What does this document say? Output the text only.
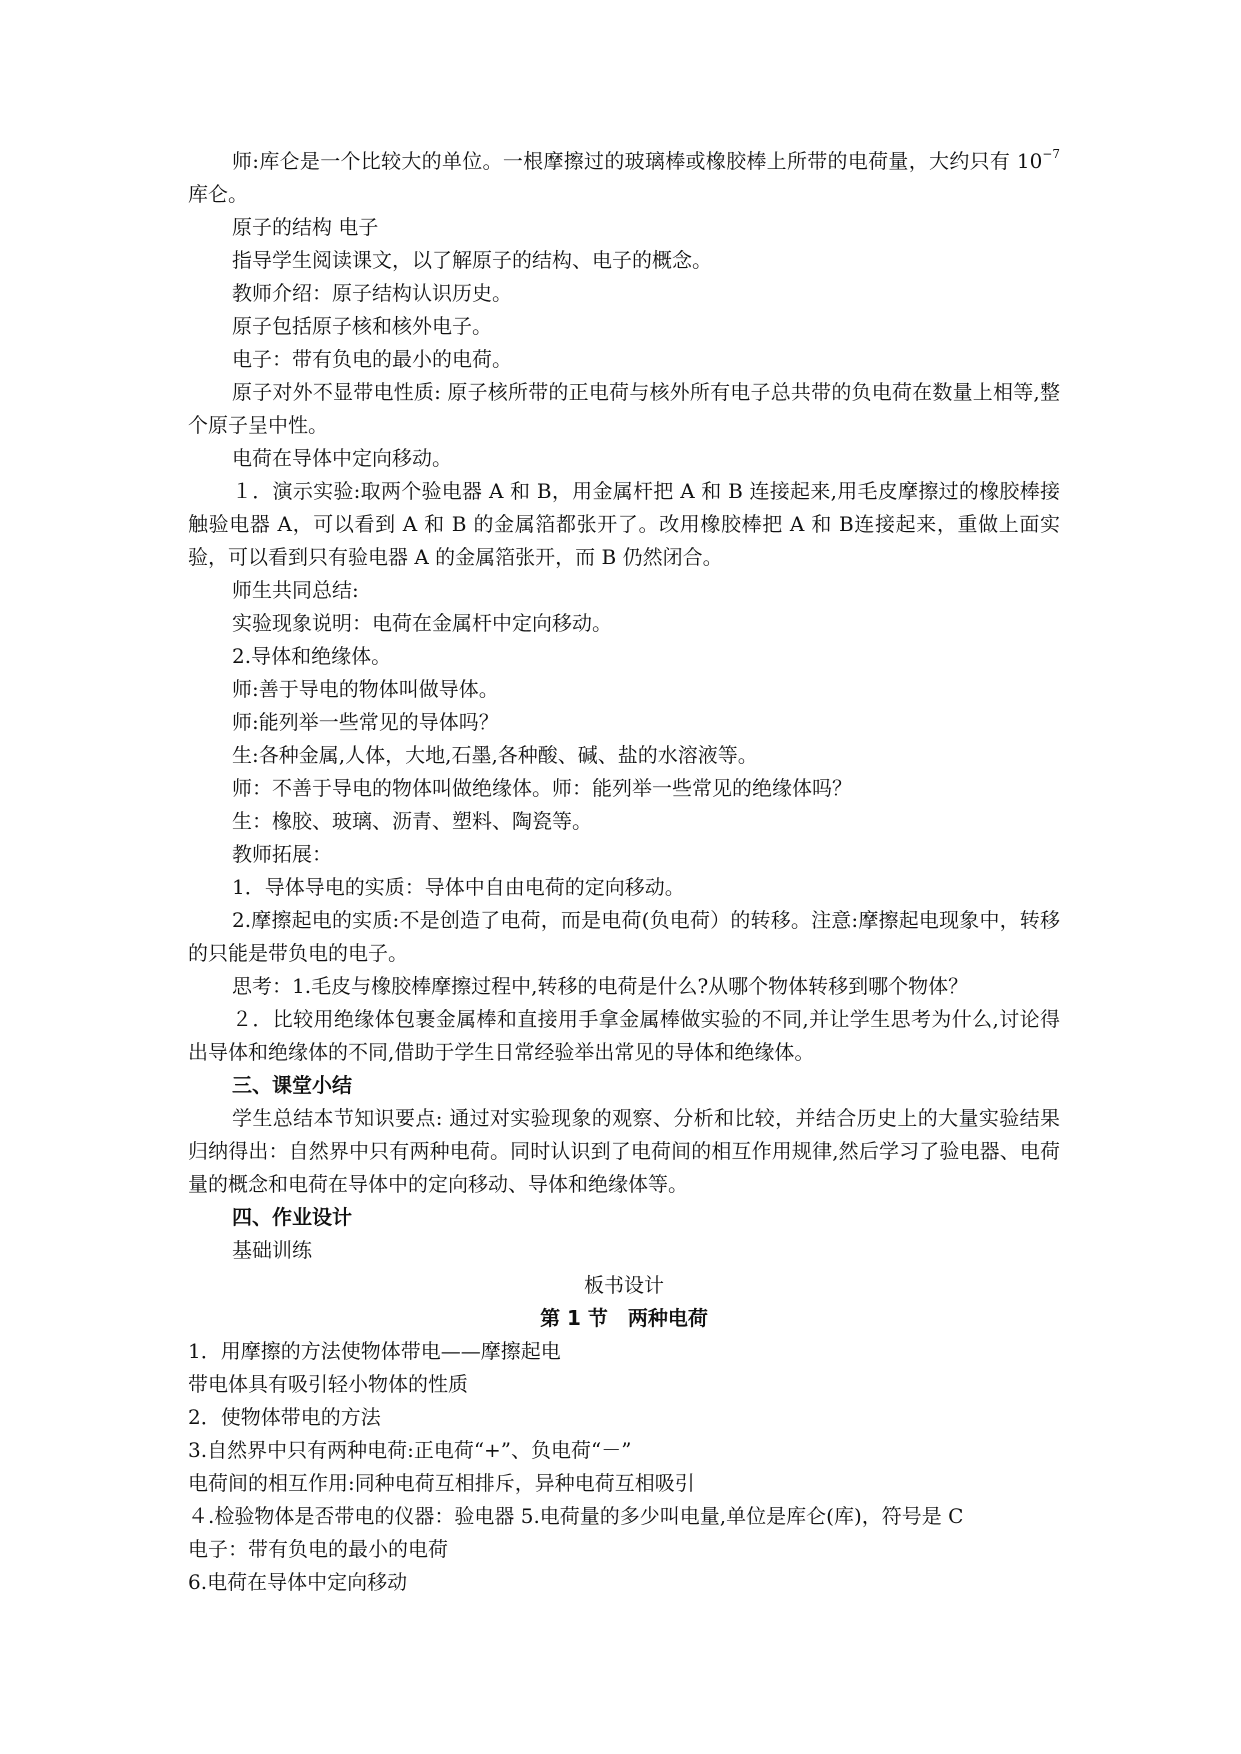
师:库仑是一个比较大的单位。一根摩擦过的玻璃棒或橡胶棒上所带的电荷量，大约只有 $10^{-7}$库仑。

原子的结构 电子

指导学生阅读课文，以了解原子的结构、电子的概念。

教师介绍：原子结构认识历史。

原子包括原子核和核外电子。

电子：带有负电的最小的电荷。

原子对外不显带电性质: 原子核所带的正电荷与核外所有电子总共带的负电荷在数量上相等,整个原子呈中性。

电荷在导体中定向移动。

１．演示实验:取两个验电器 A 和 B，用金属杆把 A 和 B 连接起来,用毛皮摩擦过的橡胶棒接触验电器 A，可以看到 A 和 B 的金属箔都张开了。改用橡胶棒把 A 和 B连接起来，重做上面实验，可以看到只有验电器 A 的金属箔张开，而 B 仍然闭合。

师生共同总结:

实验现象说明：电荷在金属杆中定向移动。

2.导体和绝缘体。

师:善于导电的物体叫做导体。

师:能列举一些常见的导体吗？

生:各种金属,人体，大地,石墨,各种酸、碱、盐的水溶液等。

师：不善于导电的物体叫做绝缘体。师：能列举一些常见的绝缘体吗？

生：橡胶、玻璃、沥青、塑料、陶瓷等。

教师拓展：

1．导体导电的实质：导体中自由电荷的定向移动。

2.摩擦起电的实质:不是创造了电荷，而是电荷(负电荷）的转移。注意:摩擦起电现象中，转移的只能是带负电的电子。

思考：1.毛皮与橡胶棒摩擦过程中,转移的电荷是什么?从哪个物体转移到哪个物体？

２．比较用绝缘体包裹金属棒和直接用手拿金属棒做实验的不同,并让学生思考为什么,讨论得出导体和绝缘体的不同,借助于学生日常经验举出常见的导体和绝缘体。

三、课堂小结

学生总结本节知识要点: 通过对实验现象的观察、分析和比较，并结合历史上的大量实验结果归纳得出：自然界中只有两种电荷。同时认识到了电荷间的相互作用规律,然后学习了验电器、电荷量的概念和电荷在导体中的定向移动、导体和绝缘体等。

四、作业设计

基础训练

板书设计

第 1 节　两种电荷

1．用摩擦的方法使物体带电——摩擦起电

带电体具有吸引轻小物体的性质

2．使物体带电的方法

3.自然界中只有两种电荷:正电荷“+”、负电荷“－”

电荷间的相互作用:同种电荷互相排斥，异种电荷互相吸引

４.检验物体是否带电的仪器：验电器 5.电荷量的多少叫电量,单位是库仑(库)，符号是 C

电子：带有负电的最小的电荷

6.电荷在导体中定向移动
